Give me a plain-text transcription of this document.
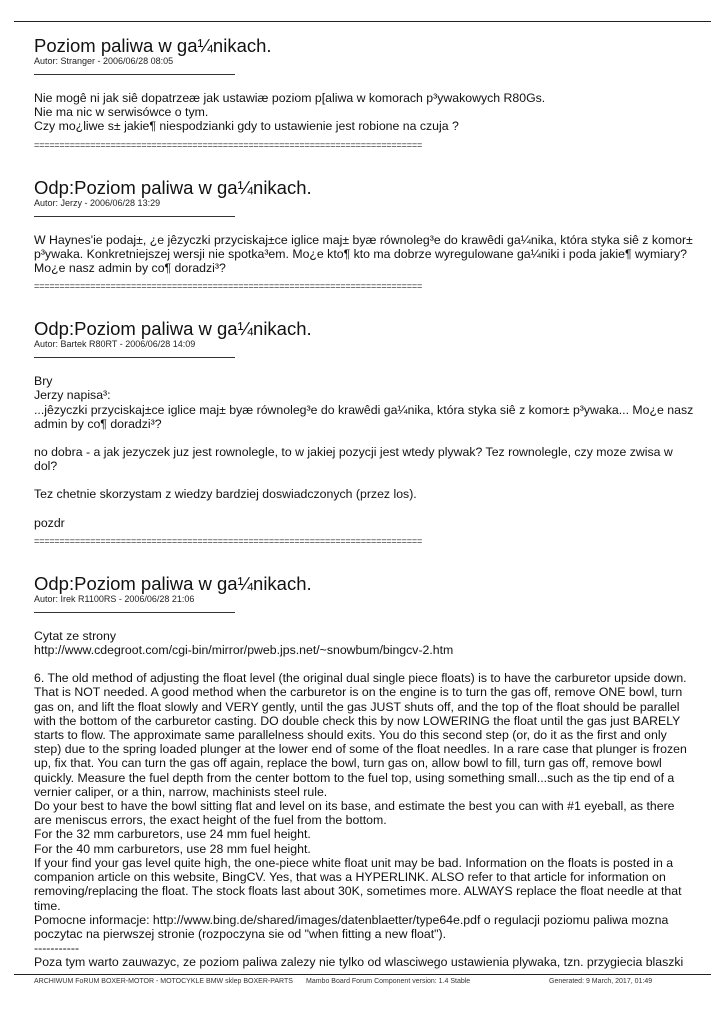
Poziom paliwa w ga¼nikach.
Autor: Stranger - 2006/06/28 08:05
Nie mogê ni jak siê dopatrzeæ jak ustawiæ poziom p[aliwa w komorach p³ywakowych R80Gs.
Nie ma nic w serwisówce o tym.
Czy mo¿liwe s± jakie¶ niespodzianki gdy to ustawienie jest robione na czuja ?
============================================================================
Odp:Poziom paliwa w ga¼nikach.
Autor: Jerzy - 2006/06/28 13:29
W Haynes'ie podaj±, ¿e jêzyczki przyciskaj±ce iglice maj± byæ równoleg³e do krawêdi ga¼nika, która styka siê z komor± p³ywaka. Konkretniejszej wersji nie spotka³em. Mo¿e kto¶ kto ma dobrze wyregulowane ga¼niki i poda jakie¶ wymiary? Mo¿e nasz admin by co¶ doradzi³?
============================================================================
Odp:Poziom paliwa w ga¼nikach.
Autor: Bartek R80RT - 2006/06/28 14:09
Bry
Jerzy napisa³:
...jêzyczki przyciskaj±ce iglice maj± byæ równoleg³e do krawêdi ga¼nika, która styka siê z komor± p³ywaka... Mo¿e nasz admin by co¶ doradzi³?
no dobra - a jak jezyczek juz jest rownolegle, to w jakiej pozycji jest wtedy plywak? Tez rownolegle, czy moze zwisa w dol?
Tez chetnie skorzystam z wiedzy bardziej doswiadczonych (przez los).
pozdr
============================================================================
Odp:Poziom paliwa w ga¼nikach.
Autor: Irek R1100RS - 2006/06/28 21:06
Cytat ze strony
http://www.cdegroot.com/cgi-bin/mirror/pweb.jps.net/~snowbum/bingcv-2.htm
6. The old method of adjusting the float level (the original dual single piece floats) is to have the carburetor upside down. That is NOT needed. A good method when the carburetor is on the engine is to turn the gas off, remove ONE bowl, turn gas on, and lift the float slowly and VERY gently, until the gas JUST shuts off, and the top of the float should be parallel with the bottom of the carburetor casting. DO double check this by now LOWERING the float until the gas just BARELY starts to flow. The approximate same parallelness should exits. You do this second step (or, do it as the first and only step) due to the spring loaded plunger at the lower end of some of the float needles. In a rare case that plunger is frozen up, fix that. You can turn the gas off again, replace the bowl, turn gas on, allow bowl to fill, turn gas off, remove bowl quickly. Measure the fuel depth from the center bottom to the fuel top, using something small...such as the tip end of a vernier caliper, or a thin, narrow, machinists steel rule.
Do your best to have the bowl sitting flat and level on its base, and estimate the best you can with #1 eyeball, as there are meniscus errors, the exact height of the fuel from the bottom.
For the 32 mm carburetors, use 24 mm fuel height.
For the 40 mm carburetors, use 28 mm fuel height.
If your find your gas level quite high, the one-piece white float unit may be bad. Information on the floats is posted in a companion article on this website, BingCV. Yes, that was a HYPERLINK. ALSO refer to that article for information on removing/replacing the float. The stock floats last about 30K, sometimes more. ALWAYS replace the float needle at that time.
Pomocne informacje: http://www.bing.de/shared/images/datenblaetter/type64e.pdf o regulacji poziomu paliwa mozna poczytac na pierwszej stronie (rozpoczyna sie od "when fitting a new float").
-----------
Poza tym warto zauwazyc, ze poziom paliwa zalezy nie tylko od wlasciwego ustawienia plywaka, tzn. przygiecia blaszki
ARCHIWUM FoRUM BOXER-MOTOR - MOTOCYKLE BMW sklep BOXER-PARTS Mambo Board Forum Component version: 1.4 Stable	Generated: 9 March, 2017, 01:49
